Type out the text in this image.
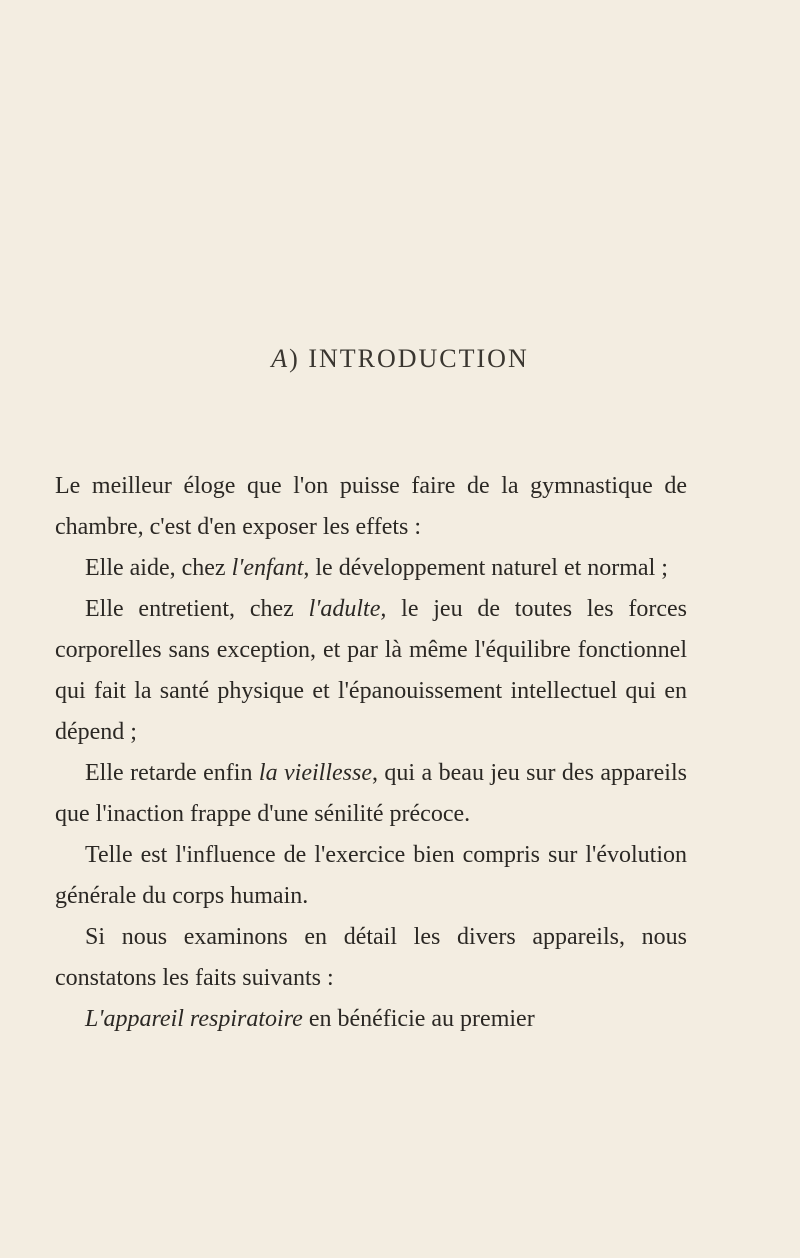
A) INTRODUCTION

Le meilleur éloge que l'on puisse faire de la gymnastique de chambre, c'est d'en exposer les effets :

Elle aide, chez l'enfant, le développement naturel et normal ;

Elle entretient, chez l'adulte, le jeu de toutes les forces corporelles sans exception, et par là même l'équilibre fonctionnel qui fait la santé physique et l'épanouissement intellectuel qui en dépend ;

Elle retarde enfin la vieillesse, qui a beau jeu sur des appareils que l'inaction frappe d'une sénilité précoce.

Telle est l'influence de l'exercice bien compris sur l'évolution générale du corps humain.

Si nous examinons en détail les divers appareils, nous constatons les faits suivants :

L'appareil respiratoire en bénéficie au premier
